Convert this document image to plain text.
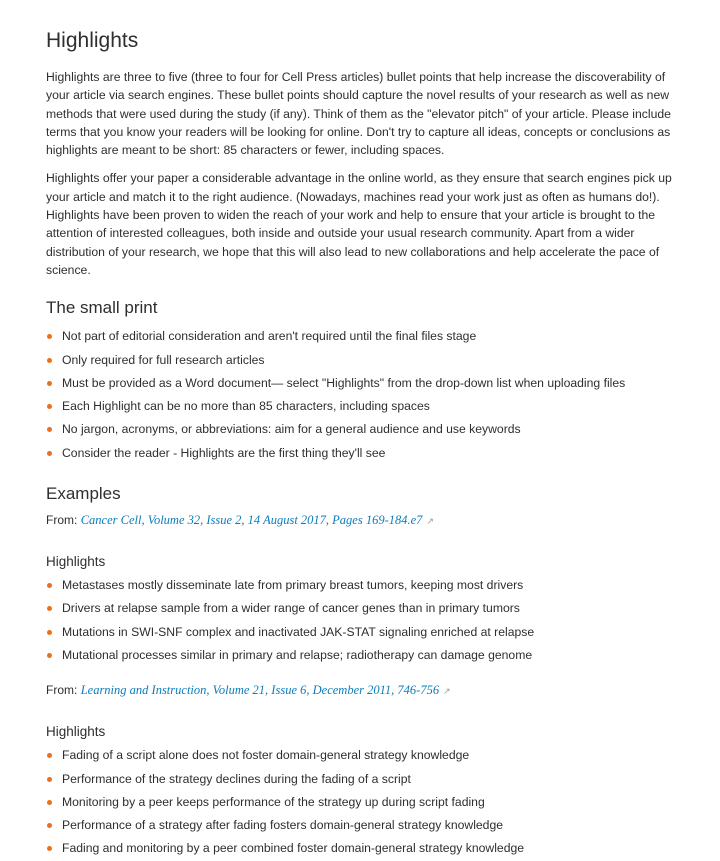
Highlights

Highlights are three to five (three to four for Cell Press articles) bullet points that help increase the discoverability of your article via search engines. These bullet points should capture the novel results of your research as well as new methods that were used during the study (if any). Think of them as the "elevator pitch" of your article. Please include terms that you know your readers will be looking for online. Don't try to capture all ideas, concepts or conclusions as highlights are meant to be short: 85 characters or fewer, including spaces.

Highlights offer your paper a considerable advantage in the online world, as they ensure that search engines pick up your article and match it to the right audience. (Nowadays, machines read your work just as often as humans do!). Highlights have been proven to widen the reach of your work and help to ensure that your article is brought to the attention of interested colleagues, both inside and outside your usual research community. Apart from a wider distribution of your research, we hope that this will also lead to new collaborations and help accelerate the pace of science.

The small print
Not part of editorial consideration and aren't required until the final files stage
Only required for full research articles
Must be provided as a Word document— select "Highlights" from the drop-down list when uploading files
Each Highlight can be no more than 85 characters, including spaces
No jargon, acronyms, or abbreviations: aim for a general audience and use keywords
Consider the reader - Highlights are the first thing they'll see
Examples

From: Cancer Cell, Volume 32, Issue 2, 14 August 2017, Pages 169-184.e7 ↗

Highlights
Metastases mostly disseminate late from primary breast tumors, keeping most drivers
Drivers at relapse sample from a wider range of cancer genes than in primary tumors
Mutations in SWI-SNF complex and inactivated JAK-STAT signaling enriched at relapse
Mutational processes similar in primary and relapse; radiotherapy can damage genome

From: Learning and Instruction, Volume 21, Issue 6, December 2011, 746-756 ↗

Highlights
Fading of a script alone does not foster domain-general strategy knowledge
Performance of the strategy declines during the fading of a script
Monitoring by a peer keeps performance of the strategy up during script fading
Performance of a strategy after fading fosters domain-general strategy knowledge
Fading and monitoring by a peer combined foster domain-general strategy knowledge
